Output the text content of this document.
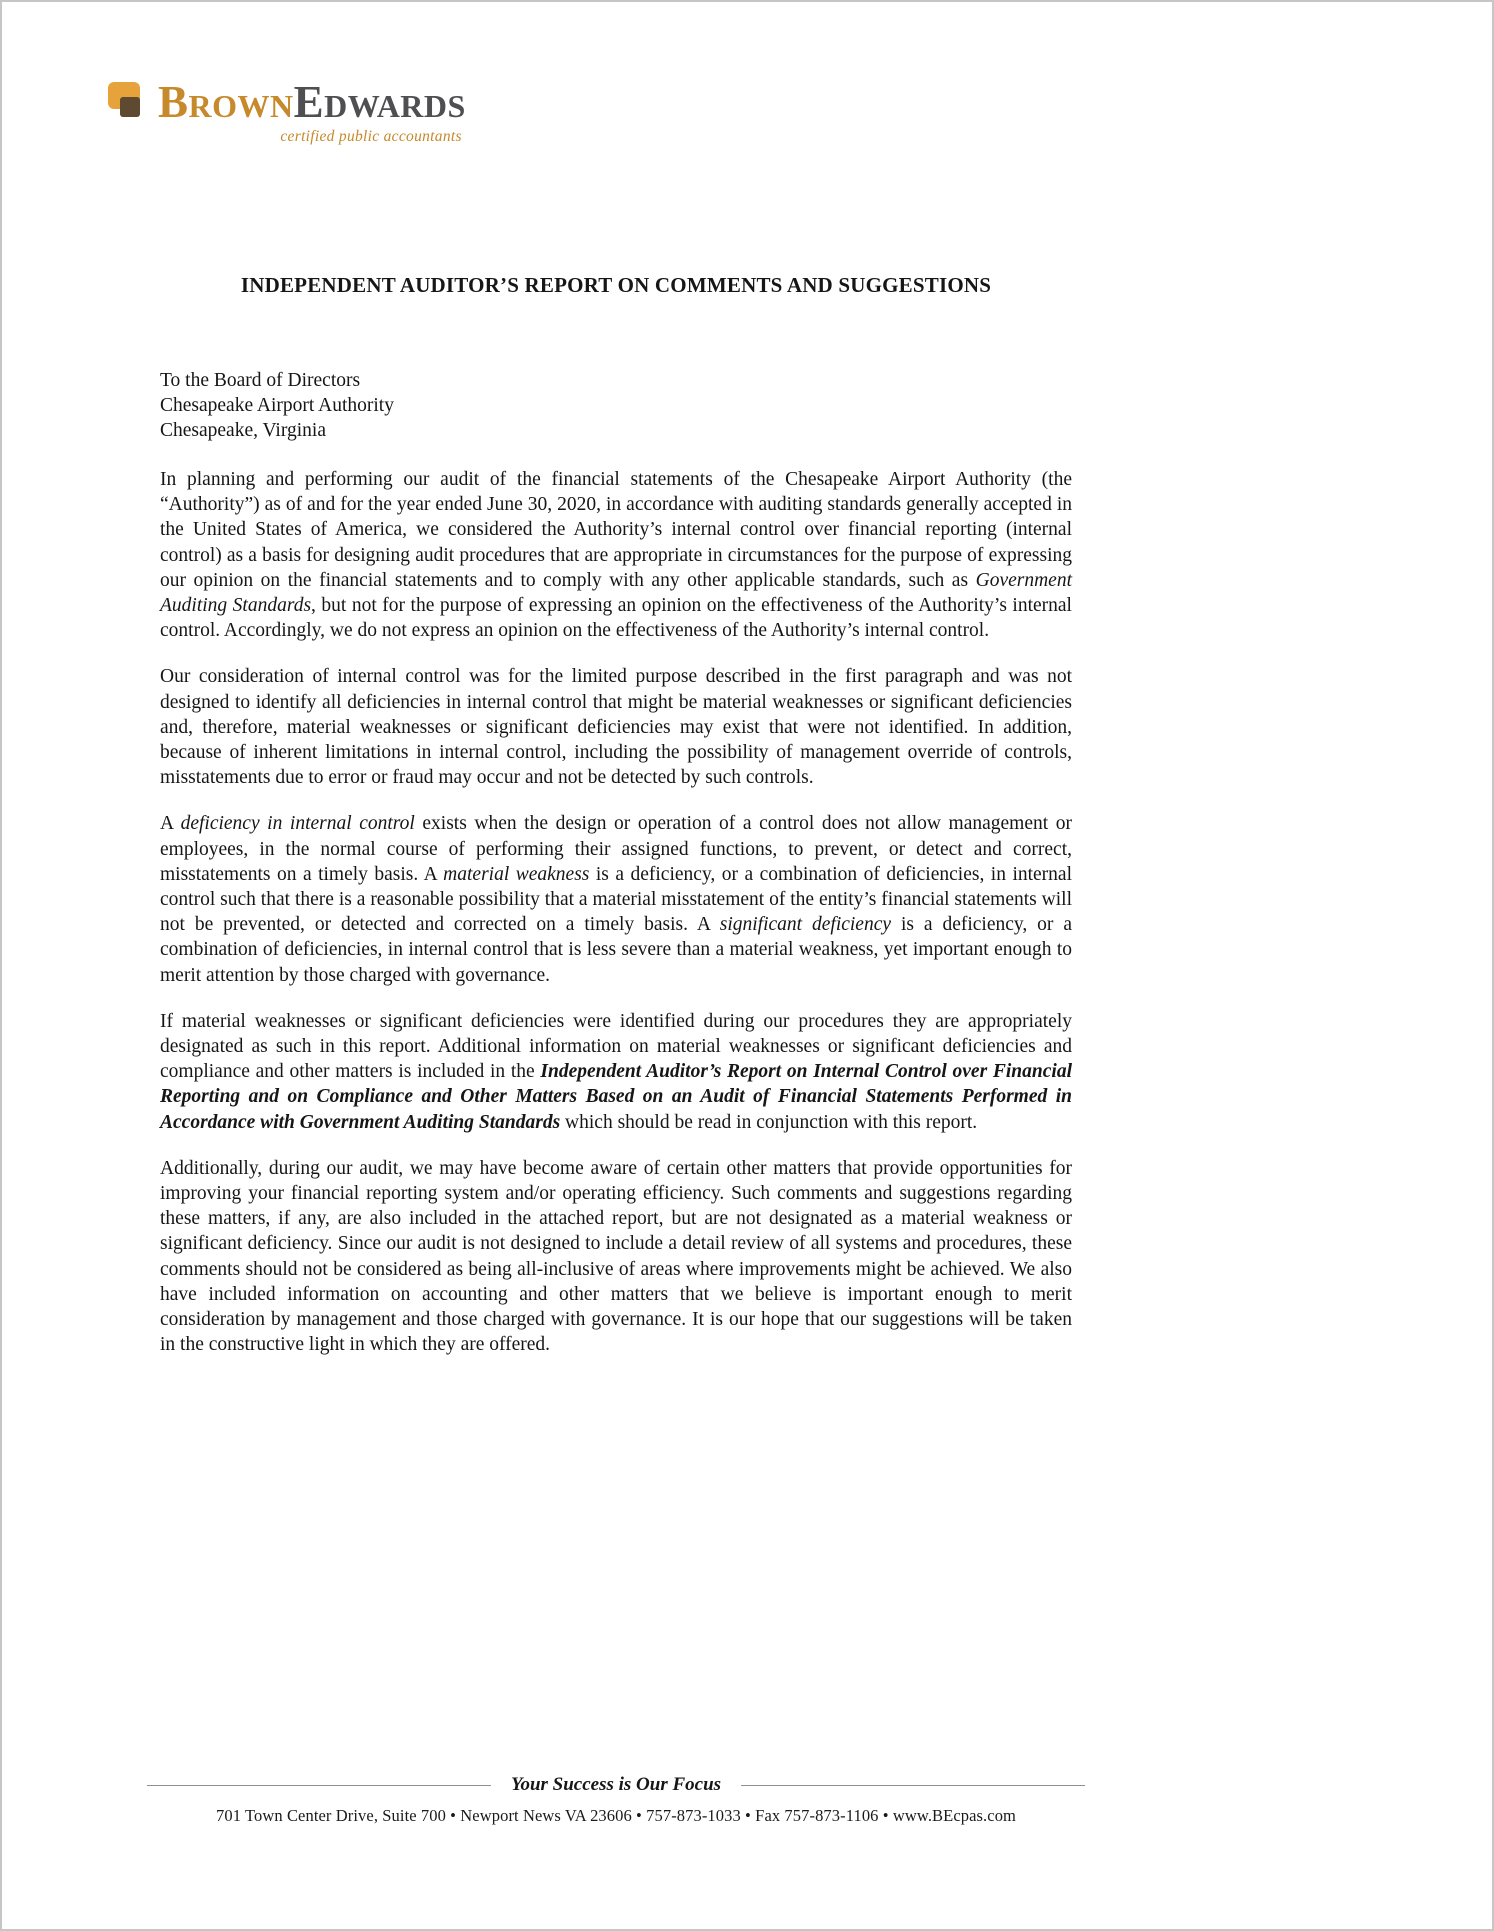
BrownEdwards
certified public accountants
INDEPENDENT AUDITOR’S REPORT ON COMMENTS AND SUGGESTIONS
To the Board of Directors
Chesapeake Airport Authority
Chesapeake, Virginia

In planning and performing our audit of the financial statements of the Chesapeake Airport Authority (the “Authority”) as of and for the year ended June 30, 2020, in accordance with auditing standards generally accepted in the United States of America, we considered the Authority’s internal control over financial reporting (internal control) as a basis for designing audit procedures that are appropriate in circumstances for the purpose of expressing our opinion on the financial statements and to comply with any other applicable standards, such as Government Auditing Standards, but not for the purpose of expressing an opinion on the effectiveness of the Authority’s internal control. Accordingly, we do not express an opinion on the effectiveness of the Authority’s internal control.

Our consideration of internal control was for the limited purpose described in the first paragraph and was not designed to identify all deficiencies in internal control that might be material weaknesses or significant deficiencies and, therefore, material weaknesses or significant deficiencies may exist that were not identified. In addition, because of inherent limitations in internal control, including the possibility of management override of controls, misstatements due to error or fraud may occur and not be detected by such controls.

A deficiency in internal control exists when the design or operation of a control does not allow management or employees, in the normal course of performing their assigned functions, to prevent, or detect and correct, misstatements on a timely basis. A material weakness is a deficiency, or a combination of deficiencies, in internal control such that there is a reasonable possibility that a material misstatement of the entity’s financial statements will not be prevented, or detected and corrected on a timely basis. A significant deficiency is a deficiency, or a combination of deficiencies, in internal control that is less severe than a material weakness, yet important enough to merit attention by those charged with governance.

If material weaknesses or significant deficiencies were identified during our procedures they are appropriately designated as such in this report. Additional information on material weaknesses or significant deficiencies and compliance and other matters is included in the Independent Auditor’s Report on Internal Control over Financial Reporting and on Compliance and Other Matters Based on an Audit of Financial Statements Performed in Accordance with Government Auditing Standards which should be read in conjunction with this report.

Additionally, during our audit, we may have become aware of certain other matters that provide opportunities for improving your financial reporting system and/or operating efficiency. Such comments and suggestions regarding these matters, if any, are also included in the attached report, but are not designated as a material weakness or significant deficiency. Since our audit is not designed to include a detail review of all systems and procedures, these comments should not be considered as being all-inclusive of areas where improvements might be achieved. We also have included information on accounting and other matters that we believe is important enough to merit consideration by management and those charged with governance. It is our hope that our suggestions will be taken in the constructive light in which they are offered.

Your Success is Our Focus
701 Town Center Drive, Suite 700 • Newport News VA 23606 • 757-873-1033 • Fax 757-873-1106 • www.BEcpas.com
